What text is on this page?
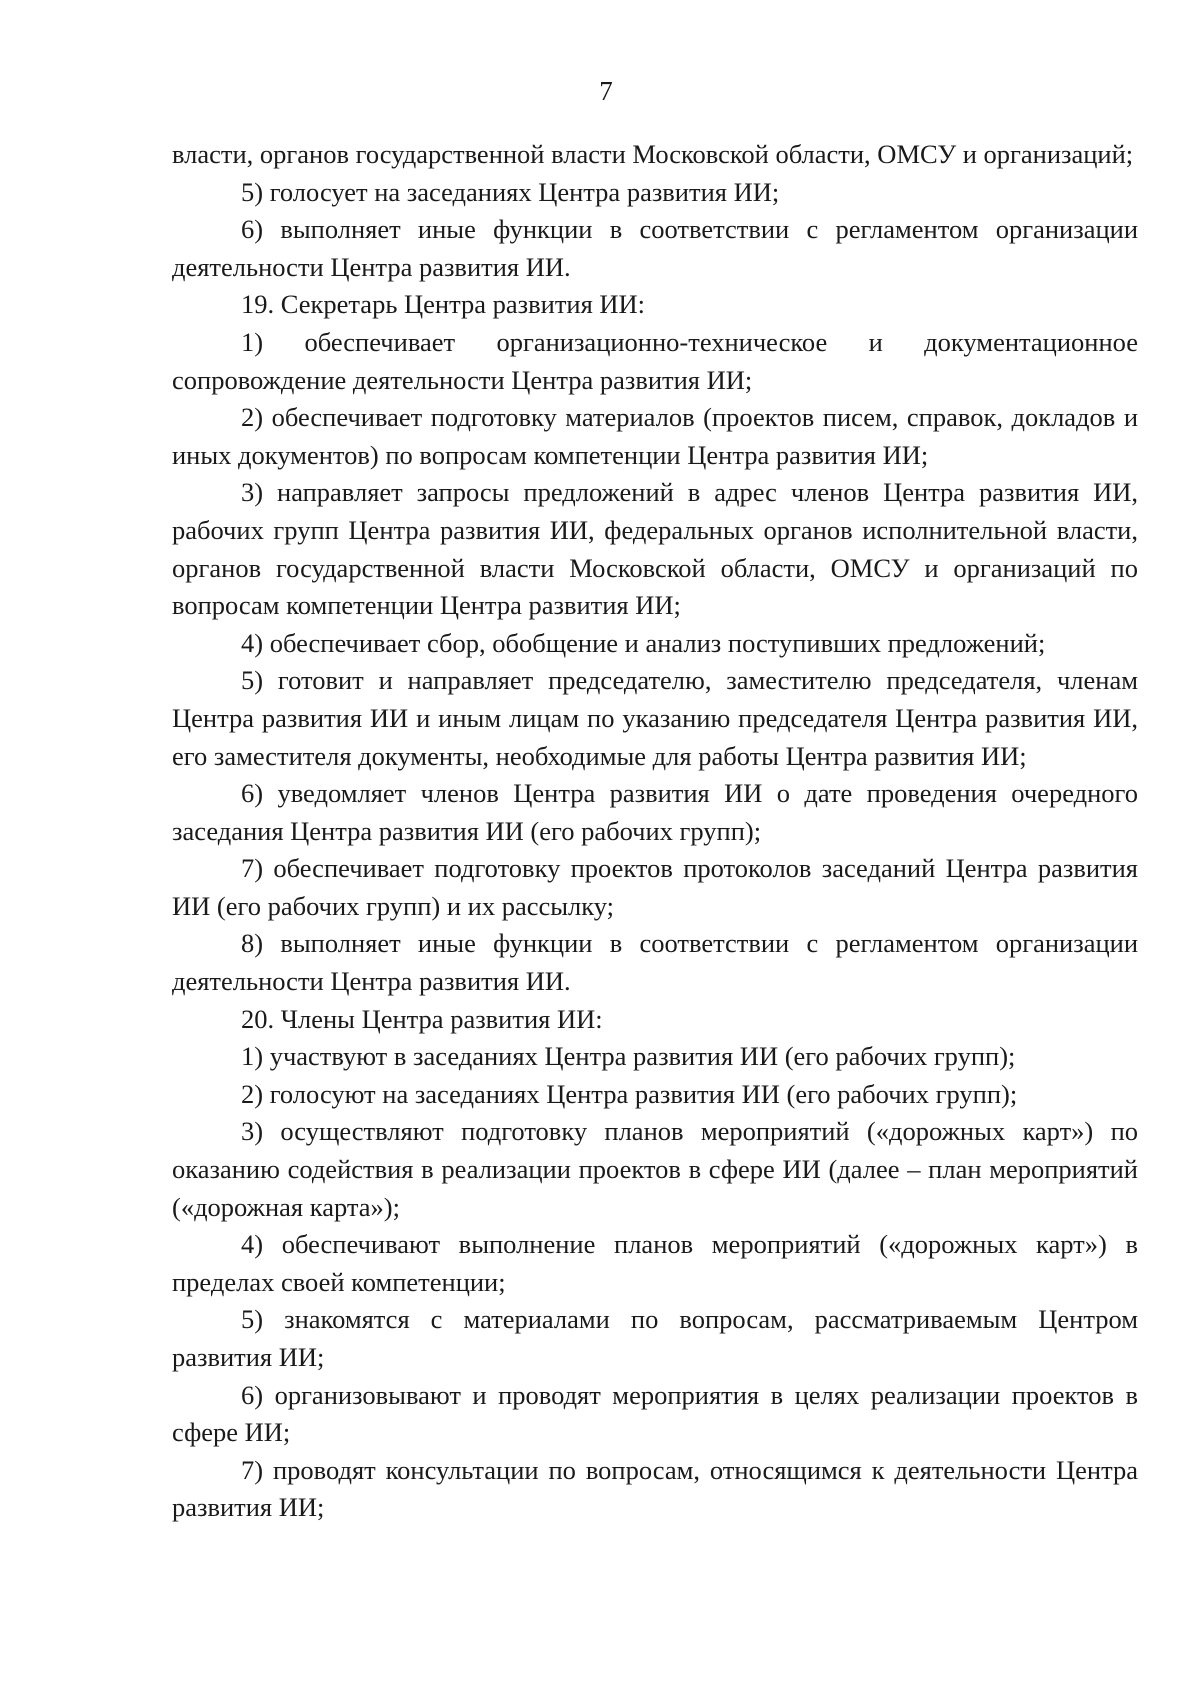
7

власти, органов государственной власти Московской области, ОМСУ и организаций;

5) голосует на заседаниях Центра развития ИИ;

6) выполняет иные функции в соответствии с регламентом организации деятельности Центра развития ИИ.

19. Секретарь Центра развития ИИ:

1) обеспечивает организационно-техническое и документационное сопровождение деятельности Центра развития ИИ;

2) обеспечивает подготовку материалов (проектов писем, справок, докладов и иных документов) по вопросам компетенции Центра развития ИИ;

3) направляет запросы предложений в адрес членов Центра развития ИИ, рабочих групп Центра развития ИИ, федеральных органов исполнительной власти, органов государственной власти Московской области, ОМСУ и организаций по вопросам компетенции Центра развития ИИ;

4) обеспечивает сбор, обобщение и анализ поступивших предложений;

5) готовит и направляет председателю, заместителю председателя, членам Центра развития ИИ и иным лицам по указанию председателя Центра развития ИИ, его заместителя документы, необходимые для работы Центра развития ИИ;

6) уведомляет членов Центра развития ИИ о дате проведения очередного заседания Центра развития ИИ (его рабочих групп);

7) обеспечивает подготовку проектов протоколов заседаний Центра развития ИИ (его рабочих групп) и их рассылку;

8) выполняет иные функции в соответствии с регламентом организации деятельности Центра развития ИИ.

20. Члены Центра развития ИИ:

1) участвуют в заседаниях Центра развития ИИ (его рабочих групп);

2) голосуют на заседаниях Центра развития ИИ (его рабочих групп);

3) осуществляют подготовку планов мероприятий («дорожных карт») по оказанию содействия в реализации проектов в сфере ИИ (далее – план мероприятий («дорожная карта»);

4) обеспечивают выполнение планов мероприятий («дорожных карт») в пределах своей компетенции;

5) знакомятся с материалами по вопросам, рассматриваемым Центром развития ИИ;

6) организовывают и проводят мероприятия в целях реализации проектов в сфере ИИ;

7) проводят консультации по вопросам, относящимся к деятельности Центра развития ИИ;
